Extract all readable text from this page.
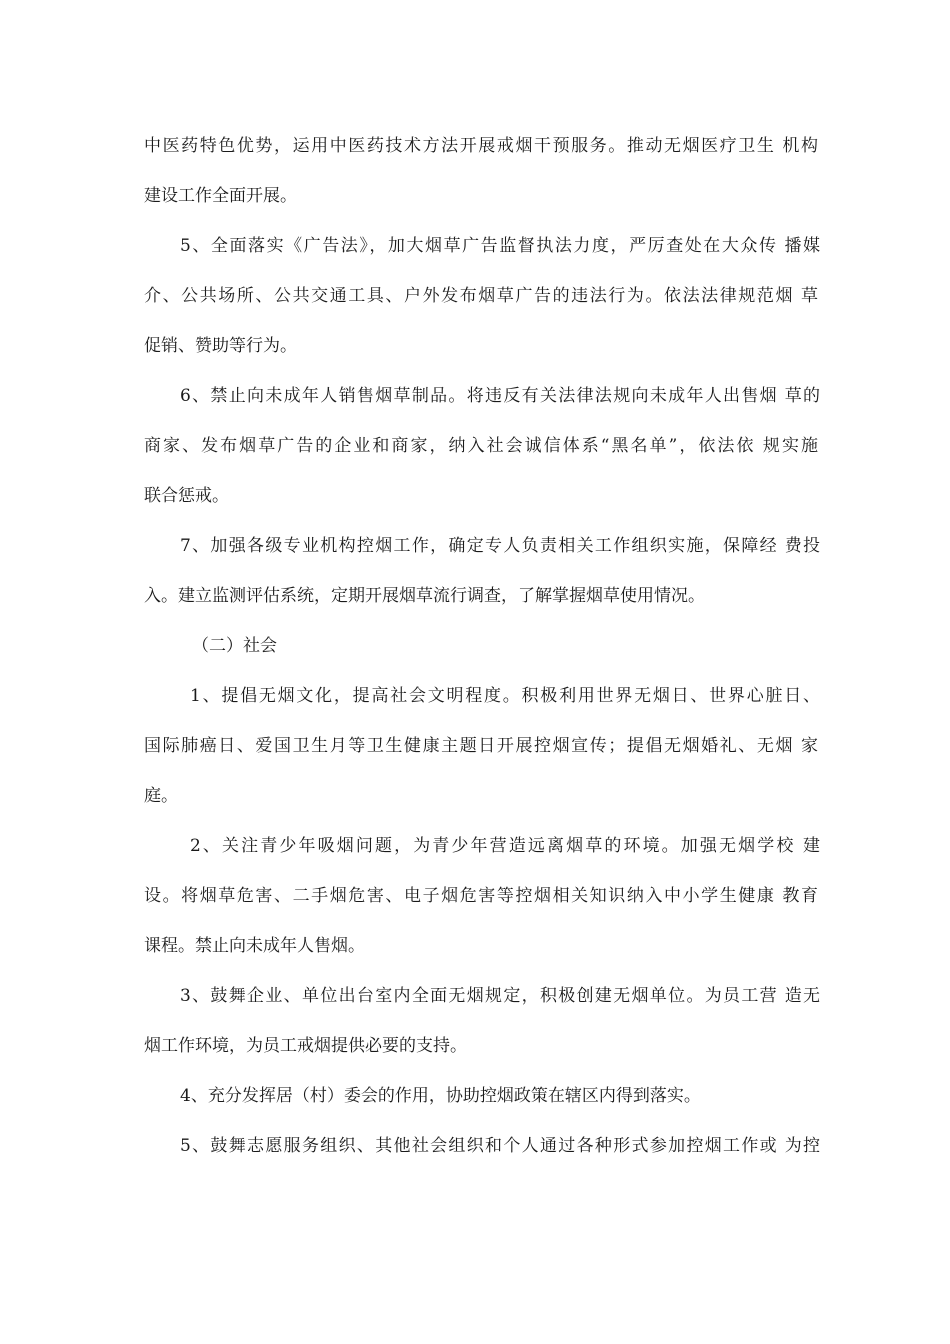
中医药特色优势，运用中医药技术方法开展戒烟干预服务。推动无烟医疗卫生 机构
建设工作全面开展。
5、全面落实《广告法》，加大烟草广告监督执法力度，严厉查处在大众传 播媒
介、公共场所、公共交通工具、户外发布烟草广告的违法行为。依法法律规范烟 草
促销、赞助等行为。
6、禁止向未成年人销售烟草制品。将违反有关法律法规向未成年人出售烟 草的
商家、发布烟草广告的企业和商家，纳入社会诚信体系“黑名单”，依法依 规实施
联合惩戒。
7、加强各级专业机构控烟工作，确定专人负责相关工作组织实施，保障经 费投
入。建立监测评估系统，定期开展烟草流行调查，了解掌握烟草使用情况。
（二）社会
1、提倡无烟文化，提高社会文明程度。积极利用世界无烟日、世界心脏日、
国际肺癌日、爱国卫生月等卫生健康主题日开展控烟宣传；提倡无烟婚礼、无烟 家
庭。
2、关注青少年吸烟问题，为青少年营造远离烟草的环境。加强无烟学校 建
设。将烟草危害、二手烟危害、电子烟危害等控烟相关知识纳入中小学生健康 教育
课程。禁止向未成年人售烟。
3、鼓舞企业、单位出台室内全面无烟规定，积极创建无烟单位。为员工营 造无
烟工作环境，为员工戒烟提供必要的支持。
4、充分发挥居（村）委会的作用，协助控烟政策在辖区内得到落实。
5、鼓舞志愿服务组织、其他社会组织和个人通过各种形式参加控烟工作或 为控
